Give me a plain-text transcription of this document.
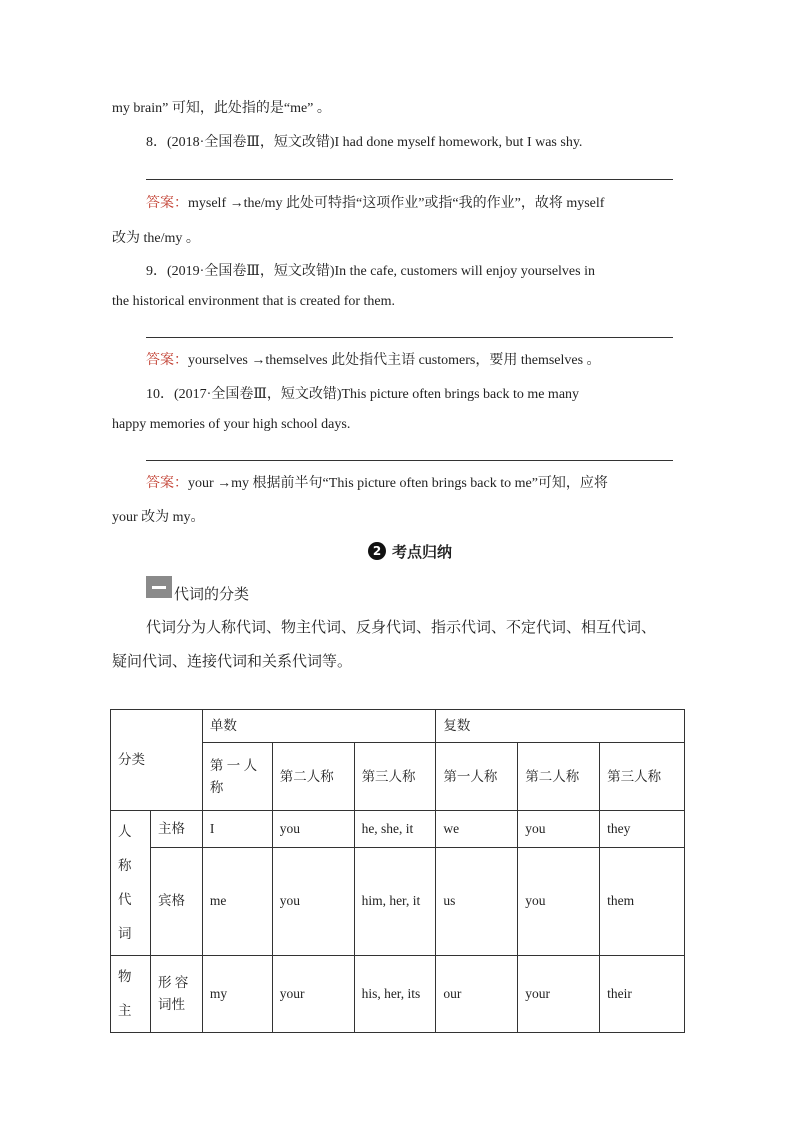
my brain” 可知，此处指的是“me” 。
8．(2018·全国卷Ⅲ，短文改错)I had done myself homework, but I was shy.
答案：myself →the/my 此处可特指“这项作业”或指“我的作业”，故将 myself
改为 the/my 。
9．(2019·全国卷Ⅲ，短文改错)In the cafe, customers will enjoy yourselves in
the historical environment that is created for them.
答案：yourselves →themselves 此处指代主语 customers，要用 themselves 。
10．(2017·全国卷Ⅲ，短文改错)This picture often brings back to me many
happy memories of your high school days.
答案：your →my 根据前半句“This picture often brings back to me”可知，应将
your 改为 my。
2 考点归纳
代词的分类
代词分为人称代词、物主代词、反身代词、指示代词、不定代词、相互代词、
疑问代词、连接代词和关系代词等。
分类		单数			复数		
		第 一 人 称	第二人称	第三人称	第一人称	第二人称	第三人称
人 称 代 词	主格	I	you	he, she, it	we	you	they
	宾格	me	you	him, her, it	us	you	them
物 主	形 容 词性	my	your	his, her, its	our	your	their
